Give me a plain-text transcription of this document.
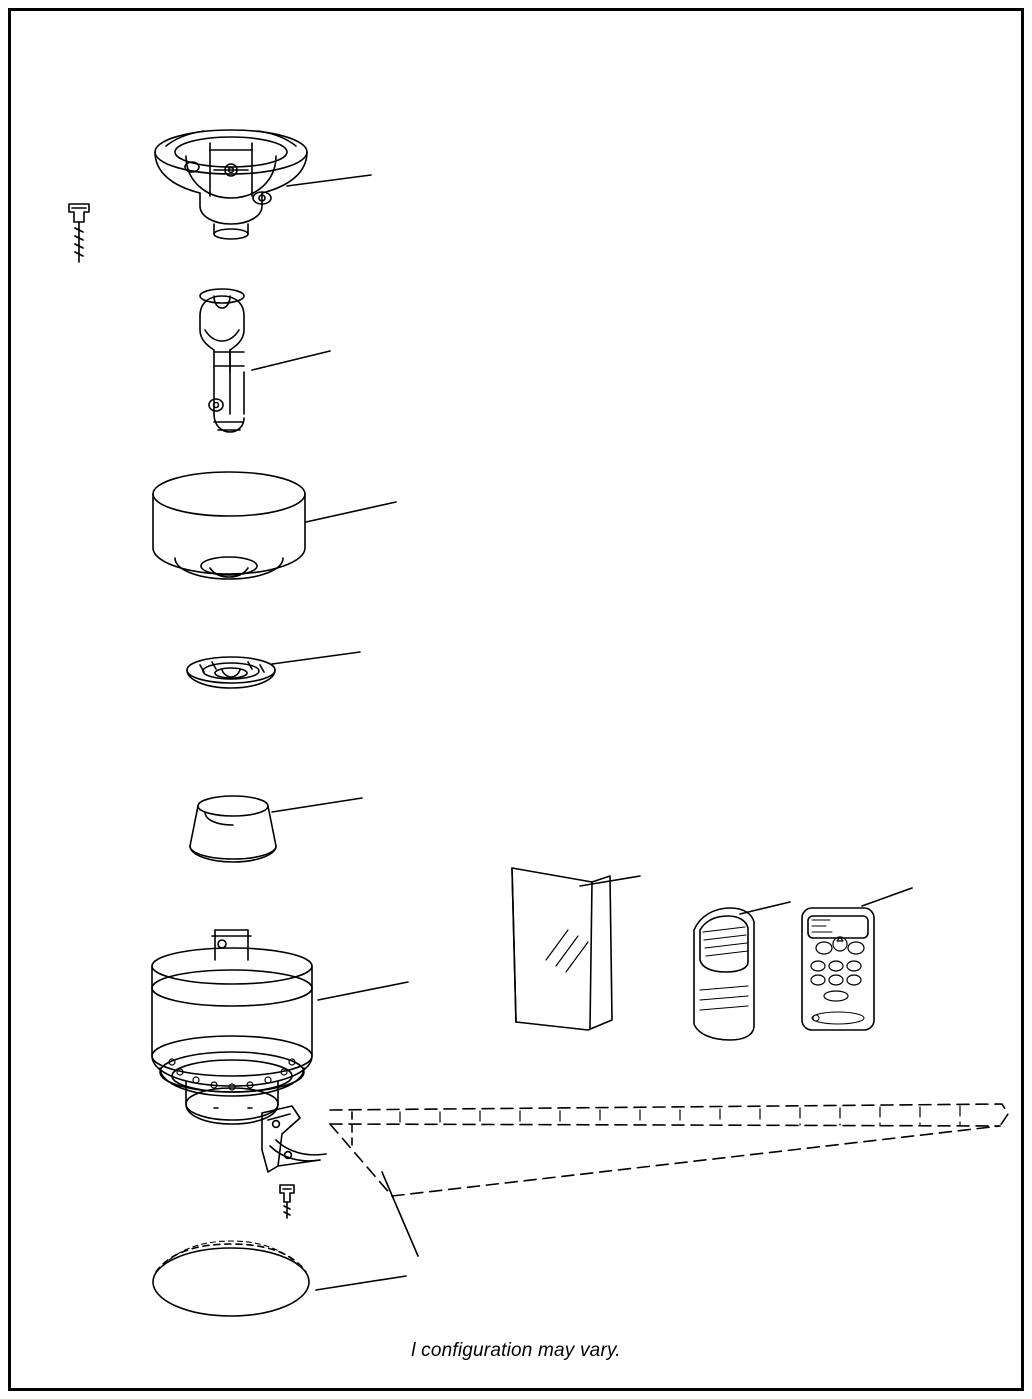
l configuration may vary.
